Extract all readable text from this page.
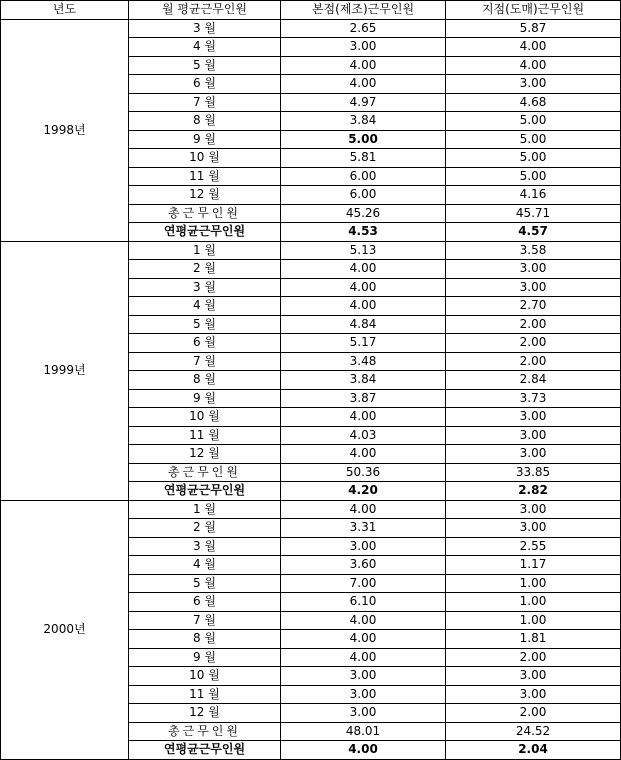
년도	월 평균근무인원	본점(제조)근무인원	지점(도매)근무인원
1998년	3 월	2.65	5.87
	4 월	3.00	4.00
	5 월	4.00	4.00
	6 월	4.00	3.00
	7 월	4.97	4.68
	8 월	3.84	5.00
	9 월	5.00	5.00
	10 월	5.81	5.00
	11 월	6.00	5.00
	12 월	6.00	4.16
	총근무인원	45.26	45.71
	연평균근무인원	4.53	4.57
1999년	1 월	5.13	3.58
	2 월	4.00	3.00
	3 월	4.00	3.00
	4 월	4.00	2.70
	5 월	4.84	2.00
	6 월	5.17	2.00
	7 월	3.48	2.00
	8 월	3.84	2.84
	9 월	3.87	3.73
	10 월	4.00	3.00
	11 월	4.03	3.00
	12 월	4.00	3.00
	총근무인원	50.36	33.85
	연평균근무인원	4.20	2.82
2000년	1 월	4.00	3.00
	2 월	3.31	3.00
	3 월	3.00	2.55
	4 월	3.60	1.17
	5 월	7.00	1.00
	6 월	6.10	1.00
	7 월	4.00	1.00
	8 월	4.00	1.81
	9 월	4.00	2.00
	10 월	3.00	3.00
	11 월	3.00	3.00
	12 월	3.00	2.00
	총근무인원	48.01	24.52
	연평균근무인원	4.00	2.04
